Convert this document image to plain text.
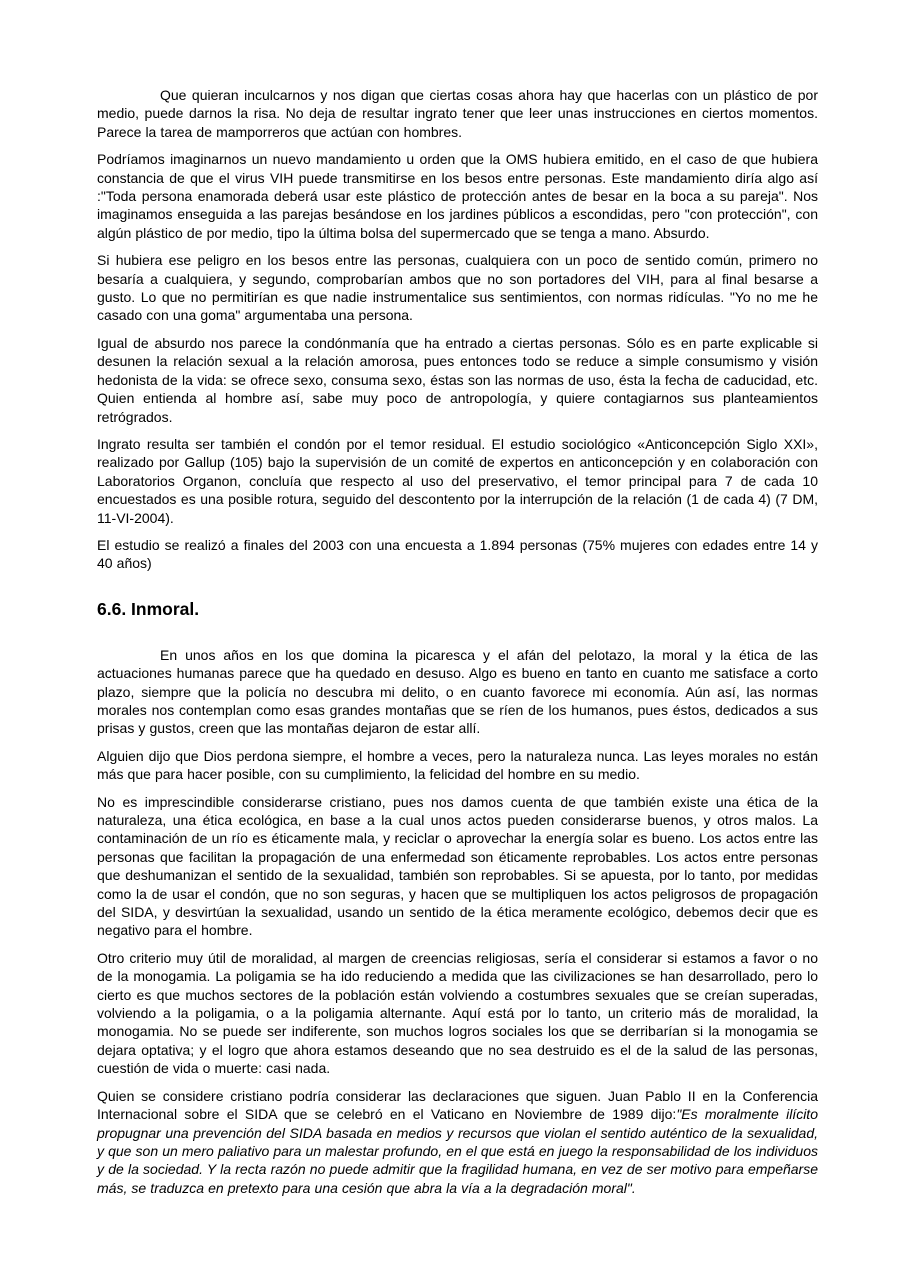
Que quieran inculcarnos y nos digan que ciertas cosas ahora hay que hacerlas con un plástico de por medio, puede darnos la risa. No deja de resultar ingrato tener que leer unas instrucciones en ciertos momentos. Parece la tarea de mamporreros que actúan con hombres.

Podríamos imaginarnos un nuevo mandamiento u orden que la OMS hubiera emitido, en el caso de que hubiera constancia de que el virus VIH puede transmitirse en los besos entre personas. Este mandamiento diría algo así :"Toda persona enamorada deberá usar este plástico de protección antes de besar en la boca a su pareja". Nos imaginamos enseguida a las parejas besándose en los jardines públicos a escondidas, pero "con protección", con algún plástico de por medio, tipo la última bolsa del supermercado que se tenga a mano. Absurdo.

Si hubiera ese peligro en los besos entre las personas, cualquiera con un poco de sentido común, primero no besaría a cualquiera, y segundo, comprobarían ambos que no son portadores del VIH, para al final besarse a gusto. Lo que no permitirían es que nadie instrumentalice sus sentimientos, con normas ridículas. "Yo no me he casado con una goma" argumentaba una persona.

Igual de absurdo nos parece la condónmanía que ha entrado a ciertas personas. Sólo es en parte explicable si desunen la relación sexual a la relación amorosa, pues entonces todo se reduce a simple consumismo y visión hedonista de la vida: se ofrece sexo, consuma sexo, éstas son las normas de uso, ésta la fecha de caducidad, etc. Quien entienda al hombre así, sabe muy poco de antropología, y quiere contagiarnos sus planteamientos retrógrados.

Ingrato resulta ser también el condón por el temor residual. El estudio sociológico «Anticoncepción Siglo XXI», realizado por Gallup (105) bajo la supervisión de un comité de expertos en anticoncepción y en colaboración con Laboratorios Organon, concluía que respecto al uso del preservativo, el temor principal para 7 de cada 10 encuestados es una posible rotura, seguido del descontento por la interrupción de la relación (1 de cada 4) (7 DM, 11-VI-2004).

El estudio se realizó a finales del 2003 con una encuesta a 1.894 personas (75% mujeres con edades entre 14 y 40 años)

6.6. Inmoral.

En unos años en los que domina la picaresca y el afán del pelotazo, la moral y la ética de las actuaciones humanas parece que ha quedado en desuso. Algo es bueno en tanto en cuanto me satisface a corto plazo, siempre que la policía no descubra mi delito, o en cuanto favorece mi economía. Aún así, las normas morales nos contemplan como esas grandes montañas que se ríen de los humanos, pues éstos, dedicados a sus prisas y gustos, creen que las montañas dejaron de estar allí.

Alguien dijo que Dios perdona siempre, el hombre a veces, pero la naturaleza nunca. Las leyes morales no están más que para hacer posible, con su cumplimiento, la felicidad del hombre en su medio.

No es imprescindible considerarse cristiano, pues nos damos cuenta de que también existe una ética de la naturaleza, una ética ecológica, en base a la cual unos actos pueden considerarse buenos, y otros malos. La contaminación de un río es éticamente mala, y reciclar o aprovechar la energía solar es bueno. Los actos entre las personas que facilitan la propagación de una enfermedad son éticamente reprobables. Los actos entre personas que deshumanizan el sentido de la sexualidad, también son reprobables. Si se apuesta, por lo tanto, por medidas como la de usar el condón, que no son seguras, y hacen que se multipliquen los actos peligrosos de propagación del SIDA, y desvirtúan la sexualidad, usando un sentido de la ética meramente ecológico, debemos decir que es negativo para el hombre.

Otro criterio muy útil de moralidad, al margen de creencias religiosas, sería el considerar si estamos a favor o no de la monogamia. La poligamia se ha ido reduciendo a medida que las civilizaciones se han desarrollado, pero lo cierto es que muchos sectores de la población están volviendo a costumbres sexuales que se creían superadas, volviendo a la poligamia, o a la poligamia alternante. Aquí está por lo tanto, un criterio más de moralidad, la monogamia. No se puede ser indiferente, son muchos logros sociales los que se derribarían si la monogamia se dejara optativa; y el logro que ahora estamos deseando que no sea destruido es el de la salud de las personas, cuestión de vida o muerte: casi nada.

Quien se considere cristiano podría considerar las declaraciones que siguen. Juan Pablo II en la Conferencia Internacional sobre el SIDA que se celebró en el Vaticano en Noviembre de 1989 dijo:"Es moralmente ilícito propugnar una prevención del SIDA basada en medios y recursos que violan el sentido auténtico de la sexualidad, y que son un mero paliativo para un malestar profundo, en el que está en juego la responsabilidad de los individuos y de la sociedad. Y la recta razón no puede admitir que la fragilidad humana, en vez de ser motivo para empeñarse más, se traduzca en pretexto para una cesión que abra la vía a la degradación moral".
